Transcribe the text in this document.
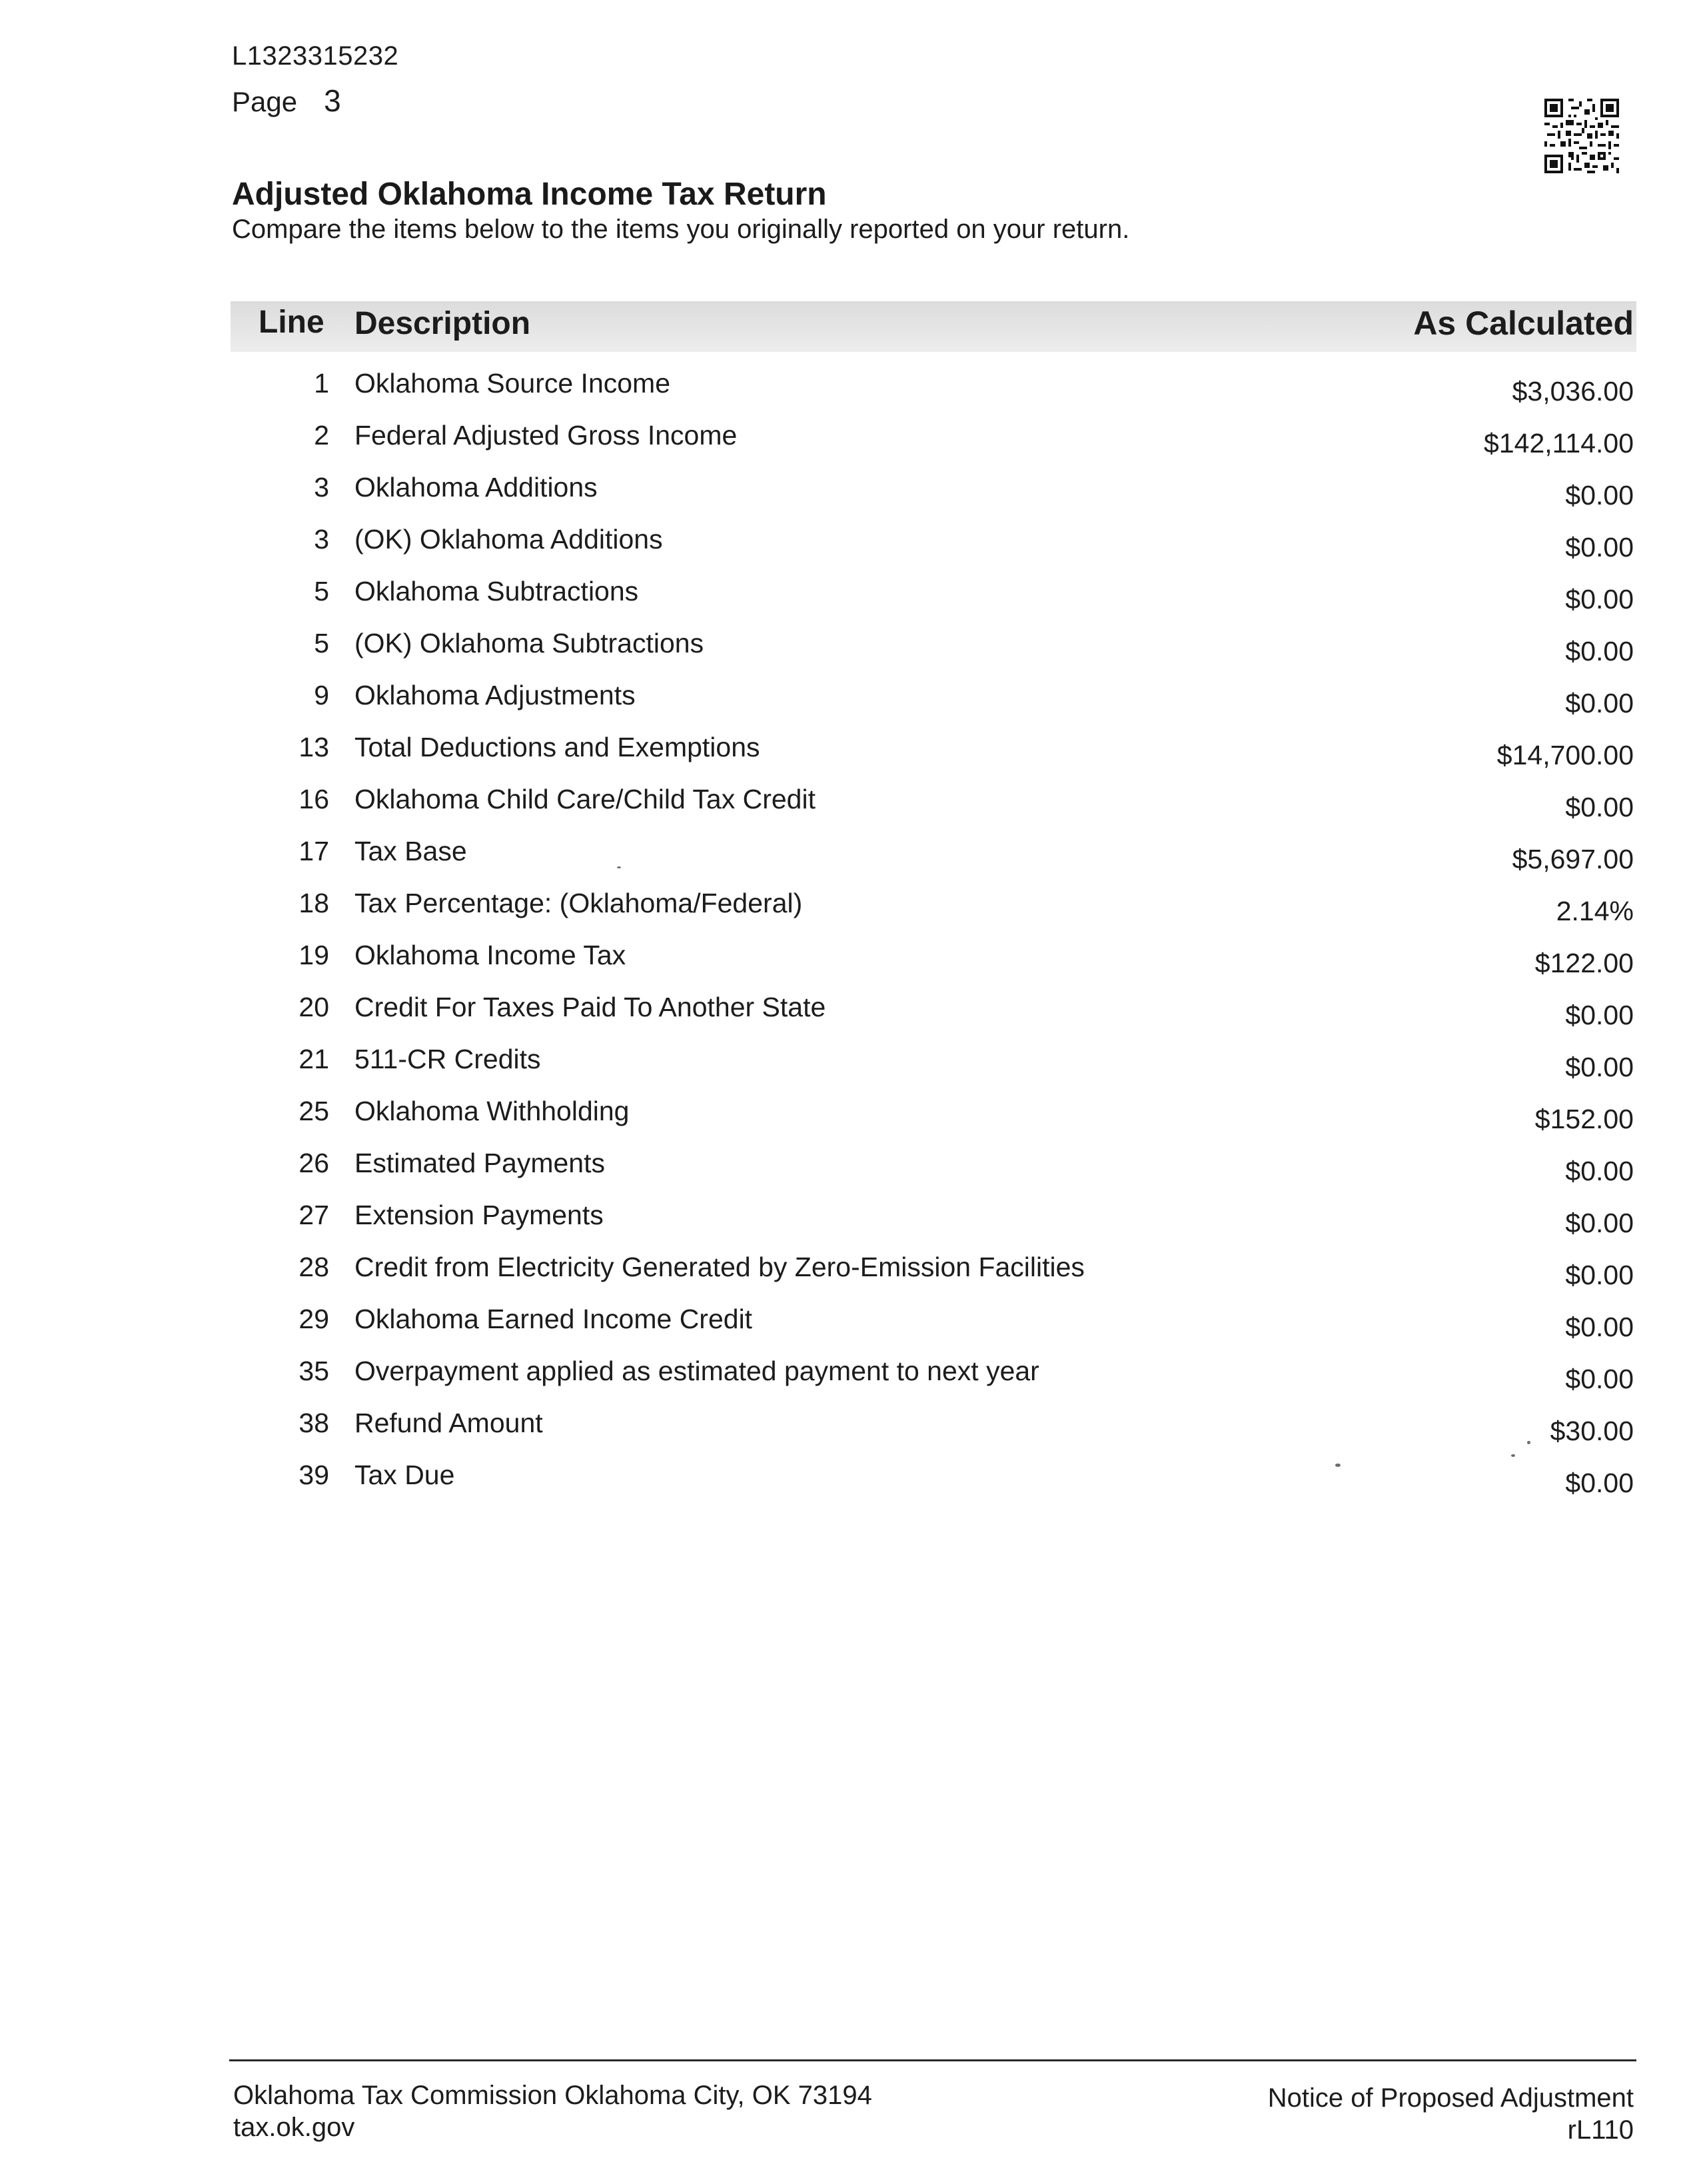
L1323315232
Page 3
Adjusted Oklahoma Income Tax Return
Compare the items below to the items you originally reported on your return.
Line Description	As Calculated
1 Oklahoma Source Income	$3,036.00
2 Federal Adjusted Gross Income	$142,114.00
3 Oklahoma Additions	$0.00
3 (OK) Oklahoma Additions	$0.00
5 Oklahoma Subtractions	$0.00
5 (OK) Oklahoma Subtractions	$0.00
9 Oklahoma Adjustments	$0.00
13 Total Deductions and Exemptions	$14,700.00
16 Oklahoma Child Care/Child Tax Credit	$0.00
17 Tax Base	$5,697.00
18 Tax Percentage: (Oklahoma/Federal)	2.14%
19 Oklahoma Income Tax	$122.00
20 Credit For Taxes Paid To Another State	$0.00
21 511-CR Credits	$0.00
25 Oklahoma Withholding	$152.00
26 Estimated Payments	$0.00
27 Extension Payments	$0.00
28 Credit from Electricity Generated by Zero-Emission Facilities	$0.00
29 Oklahoma Earned Income Credit	$0.00
35 Overpayment applied as estimated payment to next year	$0.00
38 Refund Amount	$30.00
39 Tax Due	$0.00
Oklahoma Tax Commission Oklahoma City, OK 73194
tax.ok.gov
Notice of Proposed Adjustment
rL110
